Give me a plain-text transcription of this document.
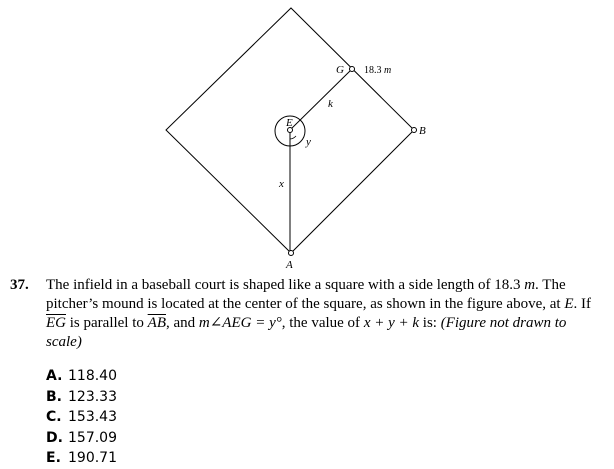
G 18.3 m
B
A
E
k
y
x
37. The infield in a baseball court is shaped like a square with a side length of 18.3 m. The pitcher’s mound is located at the center of the square, as shown in the figure above, at E. If $\overline{EG}$ is parallel to $\overline{AB}$, and m∠AEG = y°, the value of x + y + k is: (Figure not drawn to scale)
A. 118.40
B. 123.33
C. 153.43
D. 157.09
E. 190.71
